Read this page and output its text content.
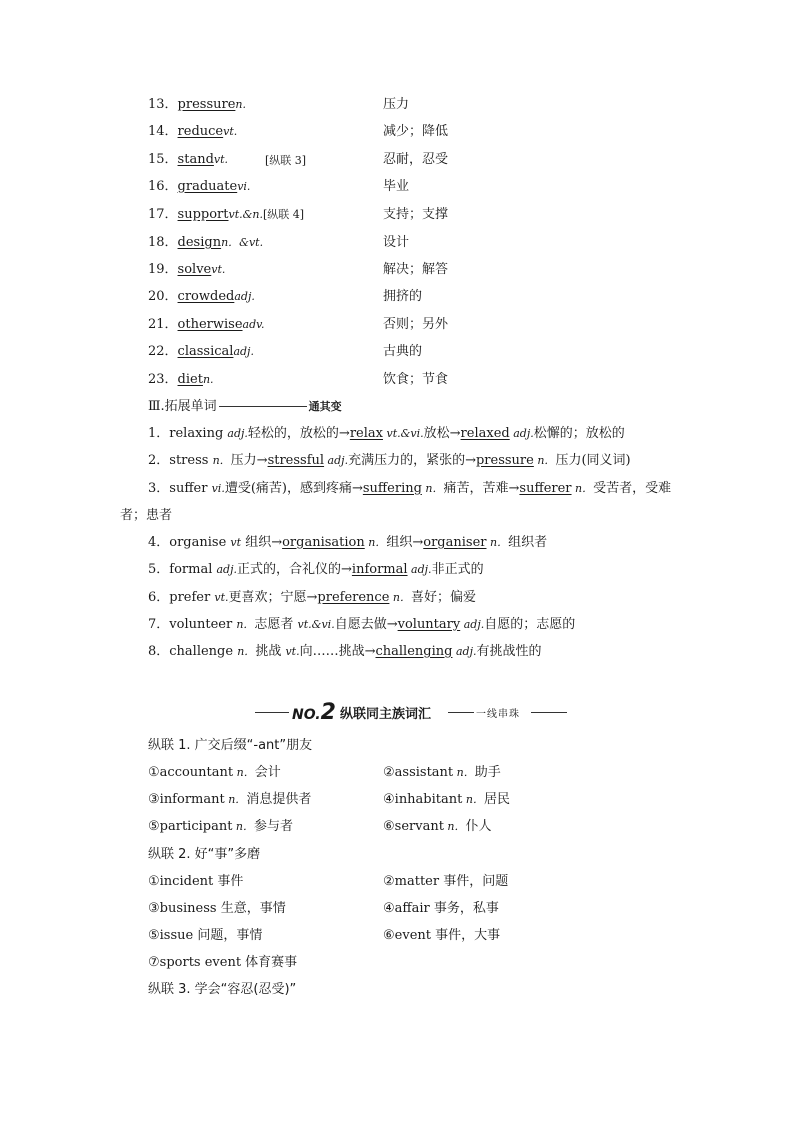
13．pressuren.	压力
14．reducevt.	减少；降低
15．standvt.	[纵联 3]	忍耐，忍受
16．graduatevi.	毕业
17．supportvt.&n.[纵联 4]	支持；支撑
18．designn．&vt.	设计
19．solvevt.	解决；解答
20．crowdedadj.	拥挤的
21．otherwiseadv.	否则；另外
22．classicaladj.	古典的
23．dietn.	饮食；节食
Ⅲ.拓展单词	通其变
1．relaxing adj.轻松的，放松的→relax vt.&vi.放松→relaxed adj.松懈的；放松的
2．stress n．压力→stressful adj.充满压力的，紧张的→pressure n．压力(同义词)
3．suffer vi.遭受(痛苦)，感到疼痛→suffering n．痛苦，苦难→sufferer n．受苦者，受难
者；患者
4．organise vt 组织→organisation n．组织→organiser n．组织者
5．formal adj.正式的，合礼仪的→informal adj.非正式的
6．prefer vt.更喜欢；宁愿→preference n．喜好；偏爱
7．volunteer n．志愿者 vt.&vi.自愿去做→voluntary adj.自愿的；志愿的
8．challenge n．挑战 vt.向……挑战→challenging adj.有挑战性的
NO.2 纵联同主族词汇	一线串珠
纵联 1. 广交后缀“-ant”朋友
①accountant n．会计	②assistant n．助手
③informant n．消息提供者	④inhabitant n．居民
⑤participant n．参与者	⑥servant n．仆人
纵联 2. 好“事”多磨
①incident 事件	②matter 事件，问题
③business 生意，事情	④affair 事务，私事
⑤issue 问题，事情	⑥event 事件，大事
⑦sports event 体育赛事
纵联 3. 学会“容忍(忍受)”
